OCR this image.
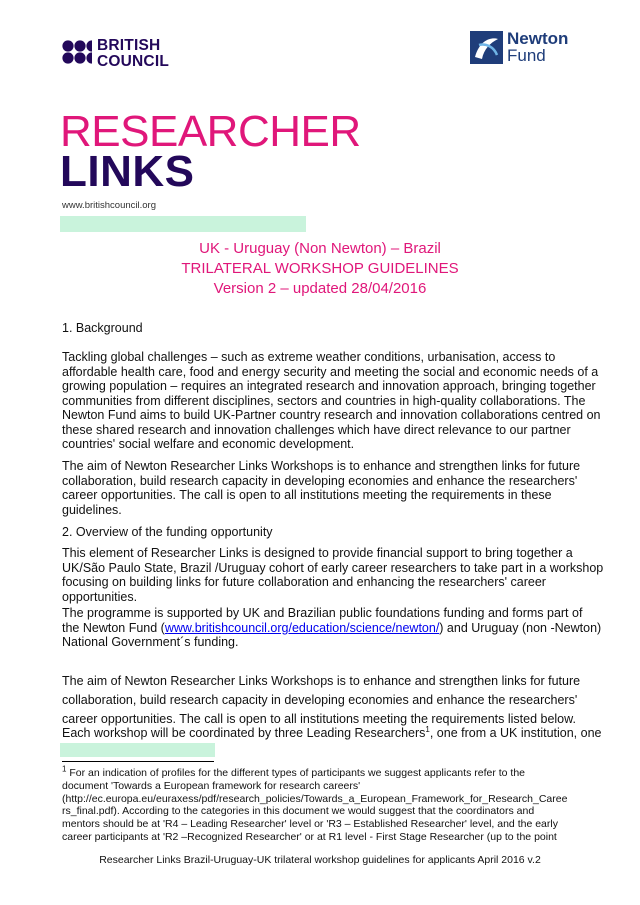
BRITISH
COUNCIL
Newton
Fund
RESEARCHER
LINKS
www.britishcouncil.org
UK - Uruguay (Non Newton) – Brazil
TRILATERAL WORKSHOP GUIDELINES
Version 2 – updated 28/04/2016
1. Background
Tackling global challenges – such as extreme weather conditions, urbanisation, access to
affordable health care, food and energy security and meeting the social and economic needs of a
growing population – requires an integrated research and innovation approach, bringing together
communities from different disciplines, sectors and countries in high-quality collaborations. The
Newton Fund aims to build UK-Partner country research and innovation collaborations centred on
these shared research and innovation challenges which have direct relevance to our partner
countries' social welfare and economic development.
The aim of Newton Researcher Links Workshops is to enhance and strengthen links for future
collaboration, build research capacity in developing economies and enhance the researchers'
career opportunities. The call is open to all institutions meeting the requirements in these
guidelines.
2. Overview of the funding opportunity
This element of Researcher Links is designed to provide financial support to bring together a
UK/São Paulo State, Brazil /Uruguay cohort of early career researchers to take part in a workshop
focusing on building links for future collaboration and enhancing the researchers' career
opportunities.
The programme is supported by UK and Brazilian public foundations funding and forms part of
the Newton Fund (www.britishcouncil.org/education/science/newton/) and Uruguay (non -Newton)
National Government´s funding.
The aim of Newton Researcher Links Workshops is to enhance and strengthen links for future
collaboration, build research capacity in developing economies and enhance the researchers'
career opportunities. The call is open to all institutions meeting the requirements listed below.
Each workshop will be coordinated by three Leading Researchers$^1$, one from a UK institution, one
$^1$ For an indication of profiles for the different types of participants we suggest applicants refer to the
document 'Towards a European framework for research careers'
(http://ec.europa.eu/euraxess/pdf/research_policies/Towards_a_European_Framework_for_Research_Caree
rs_final.pdf). According to the categories in this document we would suggest that the coordinators and
mentors should be at 'R4 – Leading Researcher' level or 'R3 – Established Researcher' level, and the early
career participants at 'R2 –Recognized Researcher' or at R1 level - First Stage Researcher (up to the point
Researcher Links Brazil-Uruguay-UK trilateral workshop guidelines for applicants April 2016 v.2
